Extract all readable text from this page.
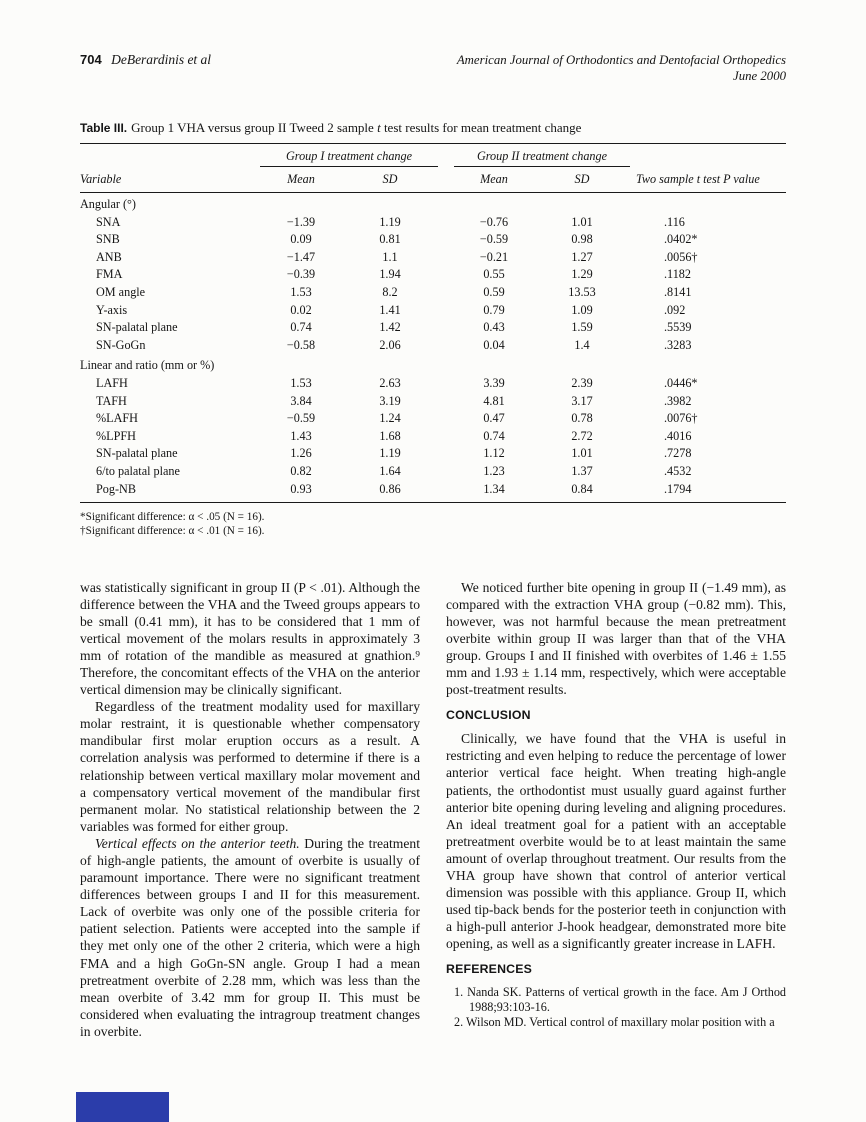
704 DeBerardinis et al	American Journal of Orthodontics and Dentofacial Orthopedics
June 2000
Table III. Group 1 VHA versus group II Tweed 2 sample t test results for mean treatment change
	Group I treatment change			Group II treatment change		
Variable	Mean	SD		Mean	SD	Two sample t test P value
Angular (°)						
SNA	−1.39	1.19		−0.76	1.01	.116
SNB	0.09	0.81		−0.59	0.98	.0402*
ANB	−1.47	1.1		−0.21	1.27	.0056†
FMA	−0.39	1.94		0.55	1.29	.1182
OM angle	1.53	8.2		0.59	13.53	.8141
Y-axis	0.02	1.41		0.79	1.09	.092
SN-palatal plane	0.74	1.42		0.43	1.59	.5539
SN-GoGn	−0.58	2.06		0.04	1.4	.3283
Linear and ratio (mm or %)						
LAFH	1.53	2.63		3.39	2.39	.0446*
TAFH	3.84	3.19		4.81	3.17	.3982
%LAFH	−0.59	1.24		0.47	0.78	.0076†
%LPFH	1.43	1.68		0.74	2.72	.4016
SN-palatal plane	1.26	1.19		1.12	1.01	.7278
6/to palatal plane	0.82	1.64		1.23	1.37	.4532
Pog-NB	0.93	0.86		1.34	0.84	.1794
*Significant difference: α < .05 (N = 16).
†Significant difference: α < .01 (N = 16).

was statistically significant in group II (P < .01). Although the difference between the VHA and the Tweed groups appears to be small (0.41 mm), it has to be considered that 1 mm of vertical movement of the molars results in approximately 3 mm of rotation of the mandible as measured at gnathion.⁹ Therefore, the concomitant effects of the VHA on the anterior vertical dimension may be clinically significant.

Regardless of the treatment modality used for maxillary molar restraint, it is questionable whether compensatory mandibular first molar eruption occurs as a result. A correlation analysis was performed to determine if there is a relationship between vertical maxillary molar movement and a compensatory vertical movement of the mandibular first permanent molar. No statistical relationship between the 2 variables was formed for either group.

Vertical effects on the anterior teeth. During the treatment of high-angle patients, the amount of overbite is usually of paramount importance. There were no significant treatment differences between groups I and II for this measurement. Lack of overbite was only one of the possible criteria for patient selection. Patients were accepted into the sample if they met only one of the other 2 criteria, which were a high FMA and a high GoGn-SN angle. Group I had a mean pretreatment overbite of 2.28 mm, which was less than the mean overbite of 3.42 mm for group II. This must be considered when evaluating the intragroup treatment changes in overbite.

We noticed further bite opening in group II (−1.49 mm), as compared with the extraction VHA group (−0.82 mm). This, however, was not harmful because the mean pretreatment overbite within group II was larger than that of the VHA group. Groups I and II finished with overbites of 1.46 ± 1.55 mm and 1.93 ± 1.14 mm, respectively, which were acceptable post-treatment results.

CONCLUSION

Clinically, we have found that the VHA is useful in restricting and even helping to reduce the percentage of lower anterior vertical face height. When treating high-angle patients, the orthodontist must usually guard against further anterior bite opening during leveling and aligning procedures. An ideal treatment goal for a patient with an acceptable pretreatment overbite would be to at least maintain the same amount of overlap throughout treatment. Our results from the VHA group have shown that control of anterior vertical dimension was possible with this appliance. Group II, which used tip-back bends for the posterior teeth in conjunction with a high-pull anterior J-hook headgear, demonstrated more bite opening, as well as a significantly greater increase in LAFH.

REFERENCES
1. Nanda SK. Patterns of vertical growth in the face. Am J Orthod 1988;93:103-16.
2. Wilson MD. Vertical control of maxillary molar position with a
